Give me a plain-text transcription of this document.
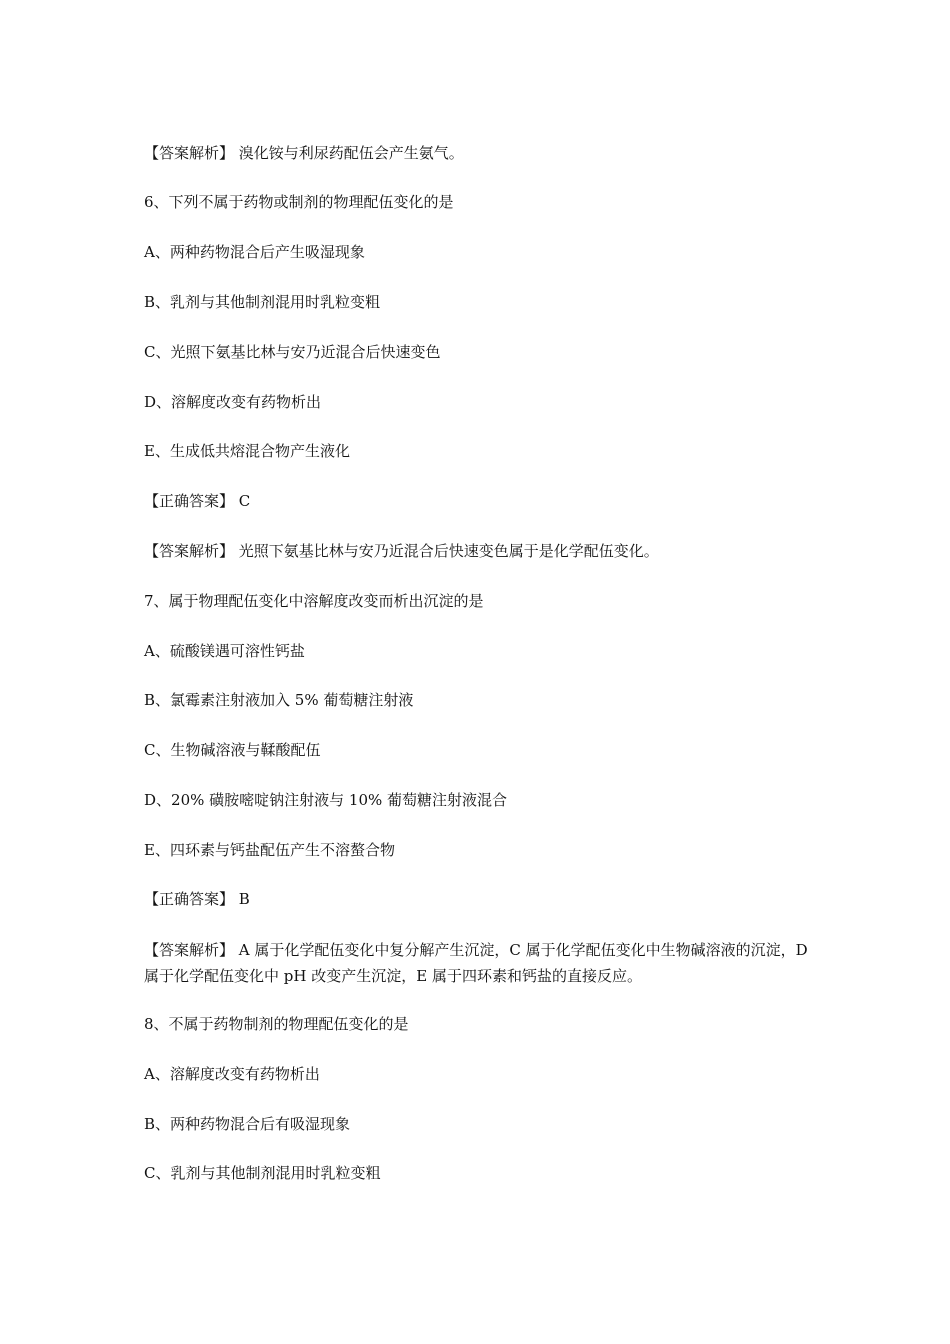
【答案解析】 溴化铵与利尿药配伍会产生氨气。
6、下列不属于药物或制剂的物理配伍变化的是
A、两种药物混合后产生吸湿现象
B、乳剂与其他制剂混用时乳粒变粗
C、光照下氨基比林与安乃近混合后快速变色
D、溶解度改变有药物析出
E、生成低共熔混合物产生液化
【正确答案】 C
【答案解析】 光照下氨基比林与安乃近混合后快速变色属于是化学配伍变化。
7、属于物理配伍变化中溶解度改变而析出沉淀的是
A、硫酸镁遇可溶性钙盐
B、氯霉素注射液加入 5% 葡萄糖注射液
C、生物碱溶液与鞣酸配伍
D、20% 磺胺嘧啶钠注射液与 10% 葡萄糖注射液混合
E、四环素与钙盐配伍产生不溶螯合物
【正确答案】 B
【答案解析】 A 属于化学配伍变化中复分解产生沉淀，C 属于化学配伍变化中生物碱溶液的沉淀，D 属于化学配伍变化中 pH 改变产生沉淀，E 属于四环素和钙盐的直接反应。
8、不属于药物制剂的物理配伍变化的是
A、溶解度改变有药物析出
B、两种药物混合后有吸湿现象
C、乳剂与其他制剂混用时乳粒变粗
